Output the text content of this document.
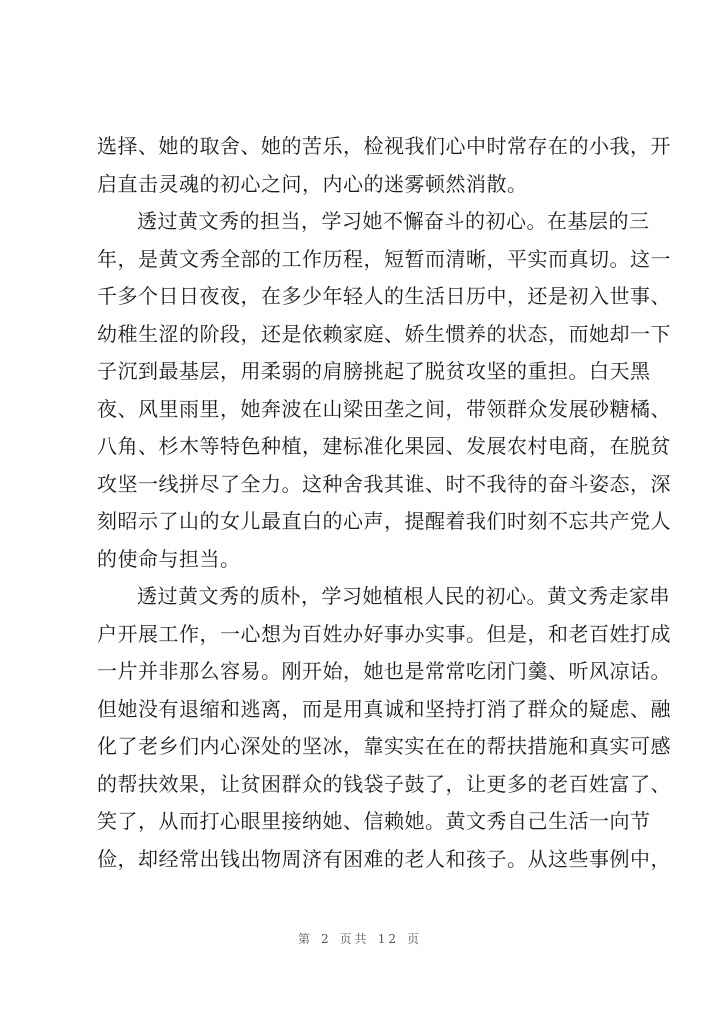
选择、她的取舍、她的苦乐，检视我们心中时常存在的小我，开
启直击灵魂的初心之问，内心的迷雾顿然消散。
透过黄文秀的担当，学习她不懈奋斗的初心。在基层的三
年，是黄文秀全部的工作历程，短暂而清晰，平实而真切。这一
千多个日日夜夜，在多少年轻人的生活日历中，还是初入世事、
幼稚生涩的阶段，还是依赖家庭、娇生惯养的状态，而她却一下
子沉到最基层，用柔弱的肩膀挑起了脱贫攻坚的重担。白天黑
夜、风里雨里，她奔波在山梁田垄之间，带领群众发展砂糖橘、
八角、杉木等特色种植，建标准化果园、发展农村电商，在脱贫
攻坚一线拼尽了全力。这种舍我其谁、时不我待的奋斗姿态，深
刻昭示了山的女儿最直白的心声，提醒着我们时刻不忘共产党人
的使命与担当。
透过黄文秀的质朴，学习她植根人民的初心。黄文秀走家串
户开展工作，一心想为百姓办好事办实事。但是，和老百姓打成
一片并非那么容易。刚开始，她也是常常吃闭门羹、听风凉话。
但她没有退缩和逃离，而是用真诚和坚持打消了群众的疑虑、融
化了老乡们内心深处的坚冰，靠实实在在的帮扶措施和真实可感
的帮扶效果，让贫困群众的钱袋子鼓了，让更多的老百姓富了、
笑了，从而打心眼里接纳她、信赖她。黄文秀自己生活一向节
俭，却经常出钱出物周济有困难的老人和孩子。从这些事例中，
第 2 页共 12 页
